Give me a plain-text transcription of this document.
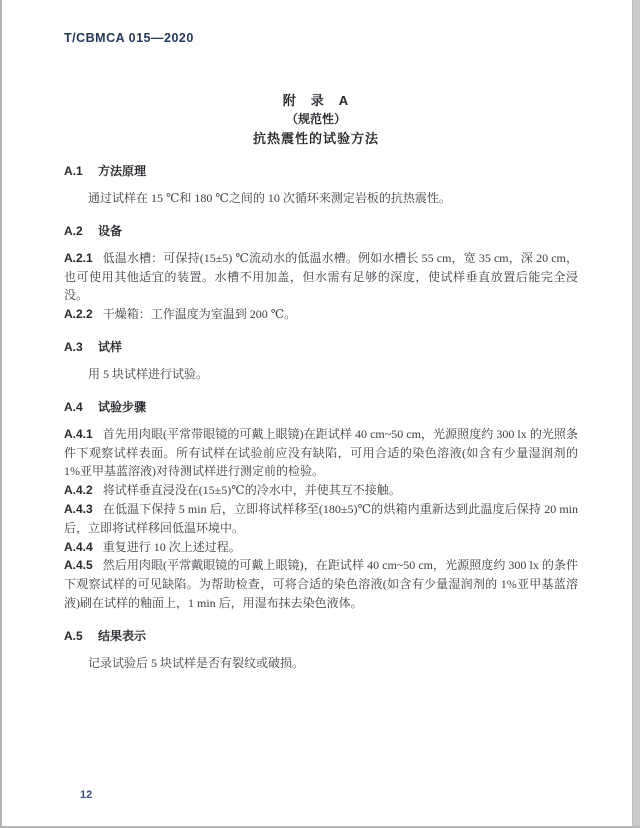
T/CBMCA 015—2020
附　录　A
（规范性）
抗热震性的试验方法
A.1 方法原理

通过试样在 15 ℃和 180 ℃之间的 10 次循环来测定岩板的抗热震性。

A.2 设备

A.2.1 低温水槽：可保持(15±5) ℃流动水的低温水槽。例如水槽长 55 cm，宽 35 cm，深 20 cm，也可使用其他适宜的装置。水槽不用加盖，但水需有足够的深度，使试样垂直放置后能完全浸没。

A.2.2 干燥箱：工作温度为室温到 200 ℃。

A.3 试样

用 5 块试样进行试验。

A.4 试验步骤

A.4.1 首先用肉眼(平常带眼镜的可戴上眼镜)在距试样 40 cm~50 cm，光源照度约 300 lx 的光照条件下观察试样表面。所有试样在试验前应没有缺陷，可用合适的染色溶液(如含有少量湿润剂的 1%亚甲基蓝溶液)对待测试样进行测定前的检验。

A.4.2 将试样垂直浸没在(15±5)℃的冷水中，并使其互不接触。

A.4.3 在低温下保持 5 min 后，立即将试样移至(180±5)℃的烘箱内重新达到此温度后保持 20 min 后，立即将试样移回低温环境中。

A.4.4 重复进行 10 次上述过程。

A.4.5 然后用肉眼(平常戴眼镜的可戴上眼镜)，在距试样 40 cm~50 cm，光源照度约 300 lx 的条件下观察试样的可见缺陷。为帮助检查，可将合适的染色溶液(如含有少量湿润剂的 1%亚甲基蓝溶液)刷在试样的釉面上，1 min 后，用湿布抹去染色液体。

A.5 结果表示

记录试验后 5 块试样是否有裂纹或破损。

12
